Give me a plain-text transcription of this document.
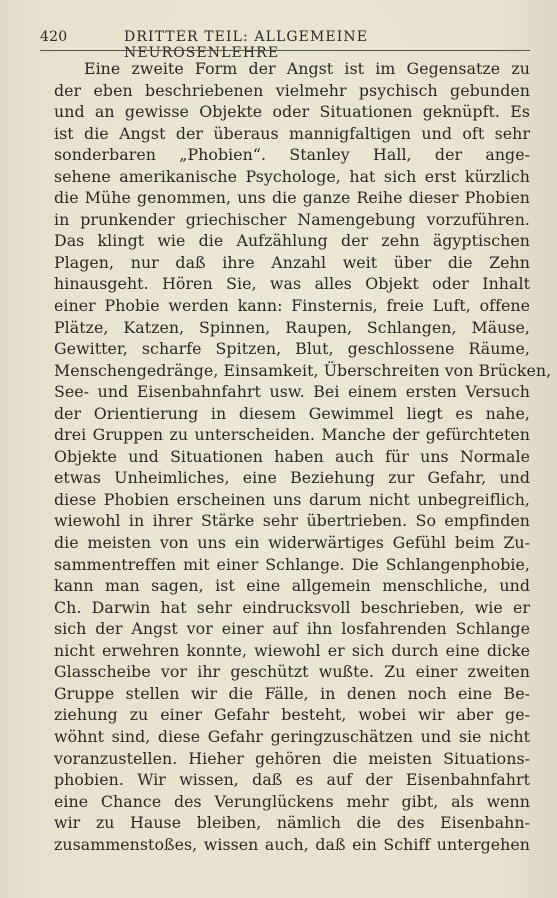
420	DRITTER TEIL: ALLGEMEINE NEUROSENLEHRE
Eine zweite Form der Angst ist im Gegensatze zu
der eben beschriebenen vielmehr psychisch gebunden
und an gewisse Objekte oder Situationen geknüpft. Es
ist die Angst der überaus mannigfaltigen und oft sehr
sonderbaren „Phobien“. Stanley Hall, der ange-
sehene amerikanische Psychologe, hat sich erst kürzlich
die Mühe genommen, uns die ganze Reihe dieser Phobien
in prunkender griechischer Namengebung vorzuführen.
Das klingt wie die Aufzählung der zehn ägyptischen
Plagen, nur daß ihre Anzahl weit über die Zehn
hinausgeht. Hören Sie, was alles Objekt oder Inhalt
einer Phobie werden kann: Finsternis, freie Luft, offene
Plätze, Katzen, Spinnen, Raupen, Schlangen, Mäuse,
Gewitter, scharfe Spitzen, Blut, geschlossene Räume,
Menschengedränge, Einsamkeit, Überschreiten von Brücken,
See- und Eisenbahnfahrt usw. Bei einem ersten Versuch
der Orientierung in diesem Gewimmel liegt es nahe,
drei Gruppen zu unterscheiden. Manche der gefürchteten
Objekte und Situationen haben auch für uns Normale
etwas Unheimliches, eine Beziehung zur Gefahr, und
diese Phobien erscheinen uns darum nicht unbegreiflich,
wiewohl in ihrer Stärke sehr übertrieben. So empfinden
die meisten von uns ein widerwärtiges Gefühl beim Zu-
sammentreffen mit einer Schlange. Die Schlangenphobie,
kann man sagen, ist eine allgemein menschliche, und
Ch. Darwin hat sehr eindrucksvoll beschrieben, wie er
sich der Angst vor einer auf ihn losfahrenden Schlange
nicht erwehren konnte, wiewohl er sich durch eine dicke
Glasscheibe vor ihr geschützt wußte. Zu einer zweiten
Gruppe stellen wir die Fälle, in denen noch eine Be-
ziehung zu einer Gefahr besteht, wobei wir aber ge-
wöhnt sind, diese Gefahr geringzuschätzen und sie nicht
voranzustellen. Hieher gehören die meisten Situations-
phobien. Wir wissen, daß es auf der Eisenbahnfahrt
eine Chance des Verunglückens mehr gibt, als wenn
wir zu Hause bleiben, nämlich die des Eisenbahn-
zusammenstoßes, wissen auch, daß ein Schiff untergehen
